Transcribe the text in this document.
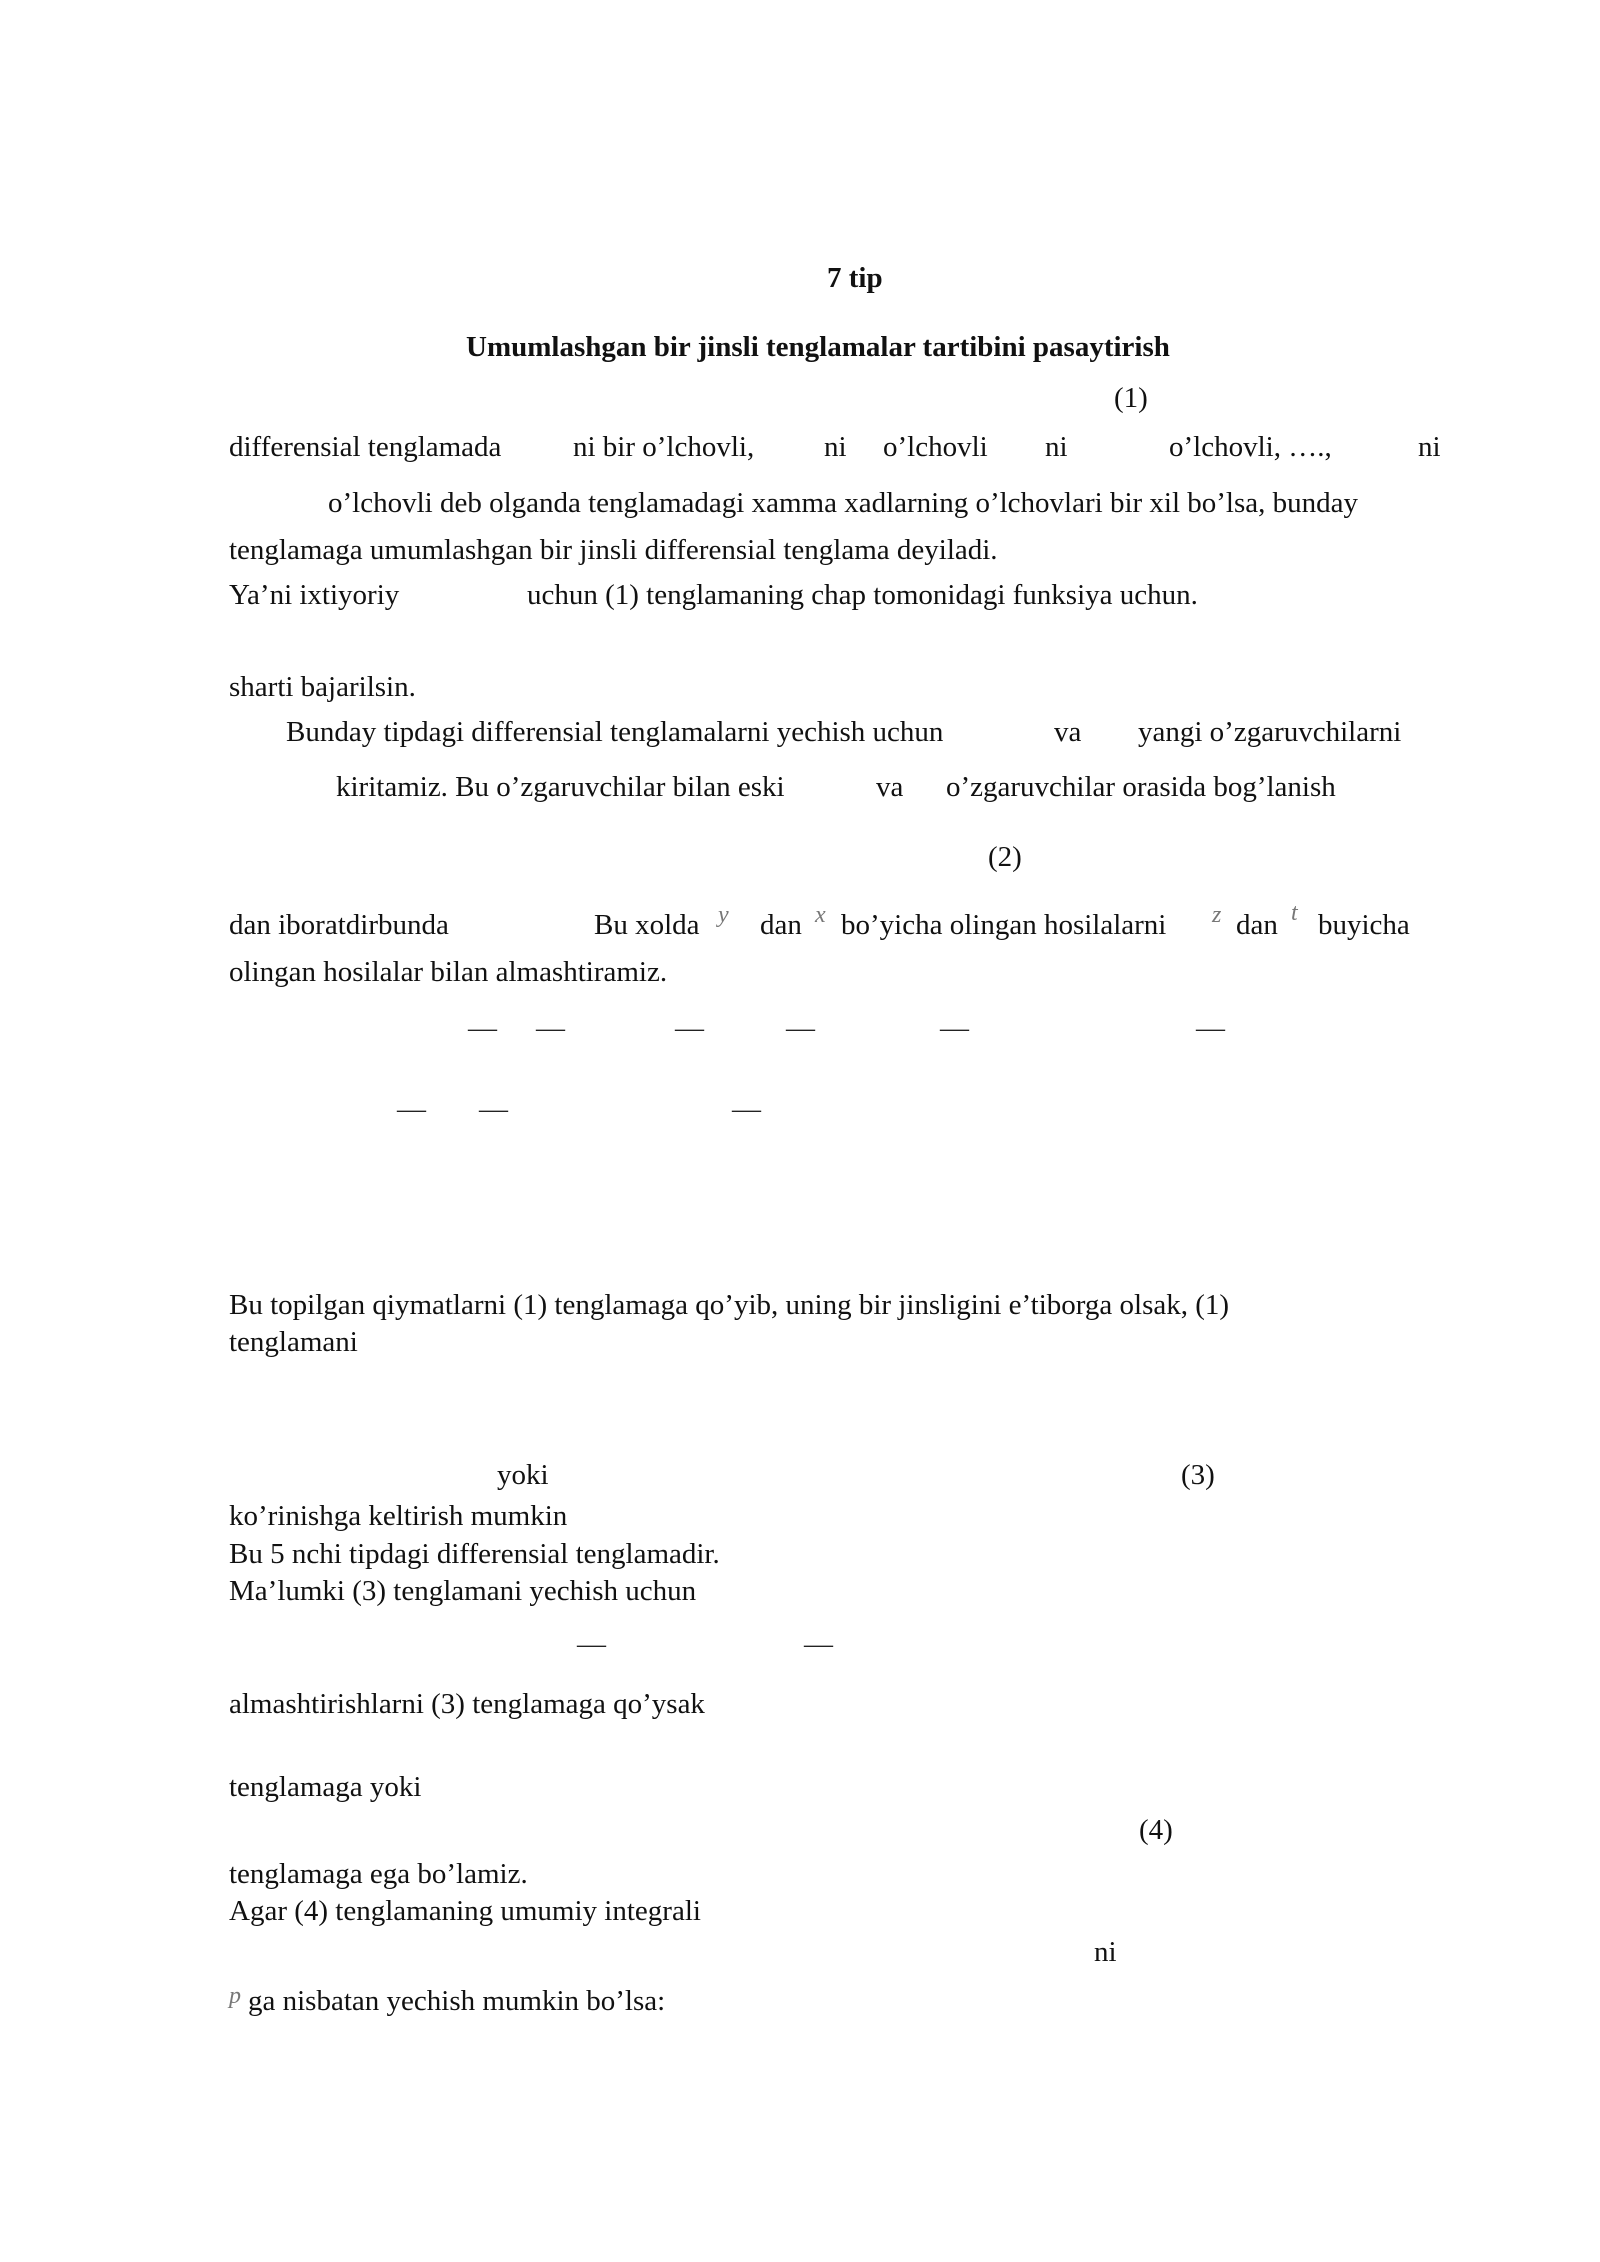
7 tip
Umumlashgan bir jinsli tenglamalar tartibini pasaytirish
(1)
differensial tenglamada ni bir o’lchovli, ni o’lchovli ni	o’lchovli, ….,	ni
o’lchovli deb olganda tenglamadagi xamma xadlarning o’lchovlari bir xil bo’lsa, bunday
tenglamaga umumlashgan bir jinsli differensial tenglama deyiladi.
Ya’ni ixtiyoriy	uchun (1) tenglamaning chap tomonidagi funksiya uchun.
sharti bajarilsin.
Bunday tipdagi differensial tenglamalarni yechish uchun	va yangi o’zgaruvchilarni
kiritamiz. Bu o’zgaruvchilar bilan eski	va o’zgaruvchilar orasida bog’lanish
(2)
dan iboratdirbunda	Bu xolda y dan x bo’yicha olingan hosilalarni z dan t buyicha
olingan hosilalar bilan almashtiramiz.
— —	—	—	—	—
— —	—
Bu topilgan qiymatlarni (1) tenglamaga qo’yib, uning bir jinsligini e’tiborga olsak, (1)
tenglamani
yoki	(3)
ko’rinishga keltirish mumkin
Bu 5 nchi tipdagi differensial tenglamadir.
Ma’lumki (3) tenglamani yechish uchun
—	—
almashtirishlarni (3) tenglamaga qo’ysak
tenglamaga yoki
(4)
tenglamaga ega bo’lamiz.
Agar (4) tenglamaning umumiy integrali
ni
p ga nisbatan yechish mumkin bo’lsa:
